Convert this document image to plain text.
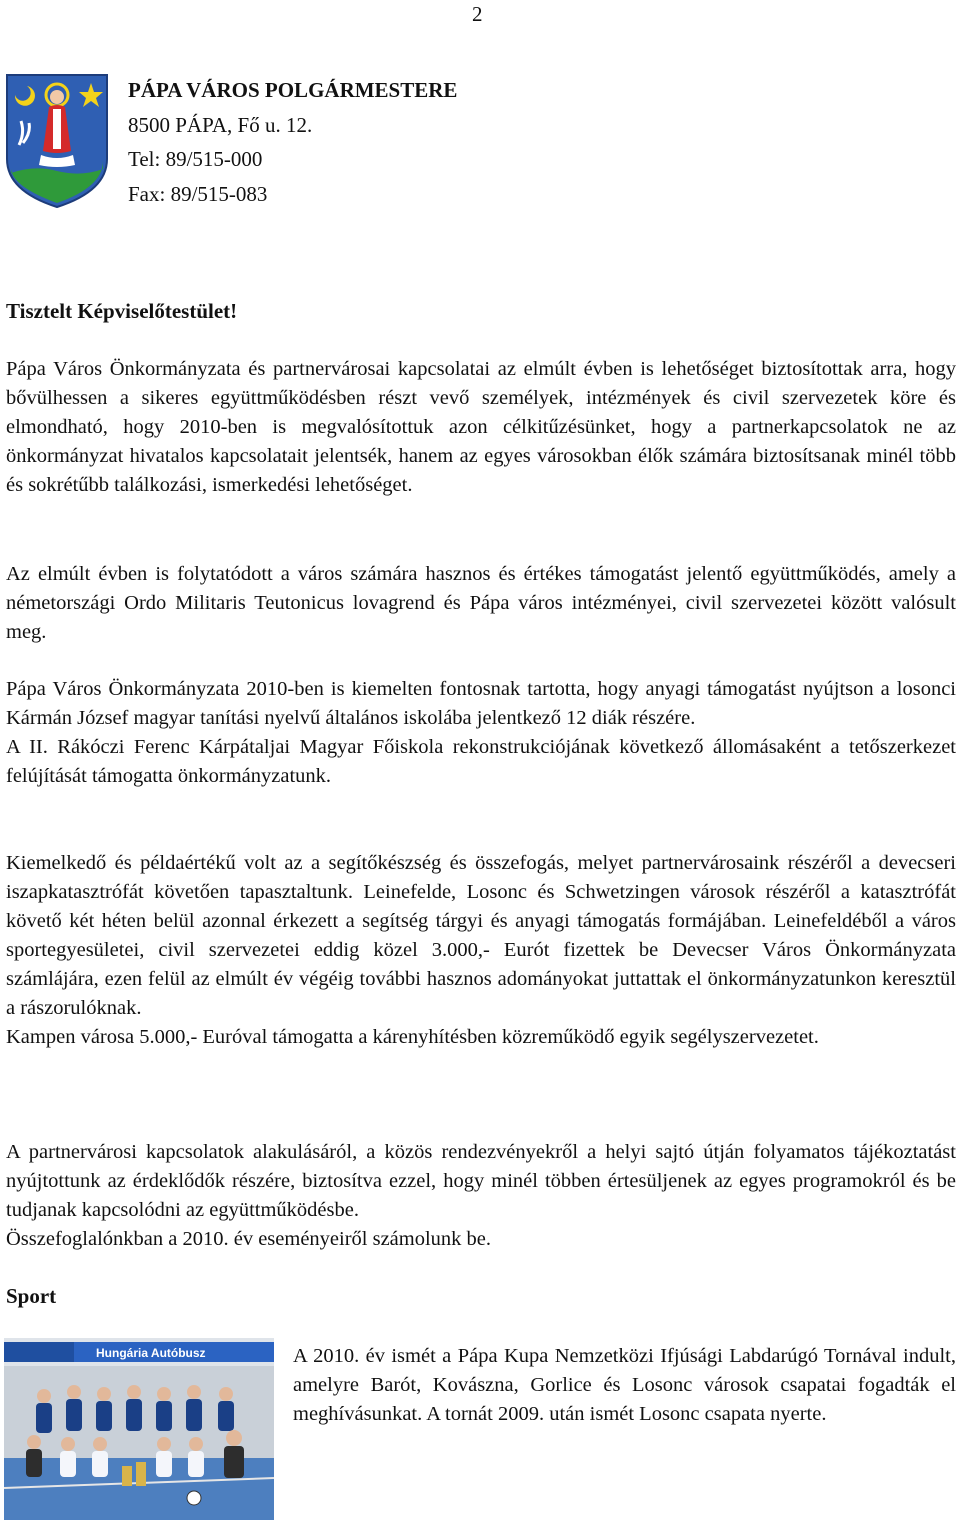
2
PÁPA VÁROS POLGÁRMESTERE
8500 PÁPA, Fő u. 12.
Tel: 89/515-000
Fax: 89/515-083
Tisztelt Képviselőtestület!

Pápa Város Önkormányzata és partnervárosai kapcsolatai az elmúlt évben is lehetőséget biztosítottak arra, hogy bővülhessen a sikeres együttműködésben részt vevő személyek, intézmények és civil szervezetek köre és elmondható, hogy 2010-ben is megvalósítottuk azon célkitűzésünket, hogy a partnerkapcsolatok ne az önkormányzat hivatalos kapcsolatait jelentsék, hanem az egyes városokban élők számára biztosítsanak minél több és sokrétűbb találkozási, ismerkedési lehetőséget.

Az elmúlt évben is folytatódott a város számára hasznos és értékes támogatást jelentő együttműködés, amely a németországi Ordo Militaris Teutonicus lovagrend és Pápa város intézményei, civil szervezetei között valósult meg.

Pápa Város Önkormányzata 2010-ben is kiemelten fontosnak tartotta, hogy anyagi támogatást nyújtson a losonci Kármán József magyar tanítási nyelvű általános iskolába jelentkező 12 diák részére.

A II. Rákóczi Ferenc Kárpátaljai Magyar Főiskola rekonstrukciójának következő állomásaként a tetőszerkezet felújítását támogatta önkormányzatunk.

Kiemelkedő és példaértékű volt az a segítőkészség és összefogás, melyet partnervárosaink részéről a devecseri iszapkatasztrófát követően tapasztaltunk. Leinefelde, Losonc és Schwetzingen városok részéről a katasztrófát követő két héten belül azonnal érkezett a segítség tárgyi és anyagi támogatás formájában. Leinefeldéből a város sportegyesületei, civil szervezetei eddig közel 3.000,- Eurót fizettek be Devecser Város Önkormányzata számlájára, ezen felül az elmúlt év végéig további hasznos adományokat juttattak el önkormányzatunkon keresztül a rászorulóknak.

Kampen városa 5.000,- Euróval támogatta a kárenyhítésben közreműködő egyik segélyszervezetet.

A partnervárosi kapcsolatok alakulásáról, a közös rendezvényekről a helyi sajtó útján folyamatos tájékoztatást nyújtottunk az érdeklődők részére, biztosítva ezzel, hogy minél többen értesüljenek az egyes programokról és be tudjanak kapcsolódni az együttműködésbe.

Összefoglalónkban a 2010. év eseményeiről számolunk be.

Sport
Hungária Autóbusz	A 2010. év ismét a Pápa Kupa Nemzetközi Ifjúsági Labdarúgó Tornával indult, amelyre Barót, Kovászna, Gorlice és Losonc városok csapatai fogadták el meghívásunkat. A tornát 2009. után ismét Losonc csapata nyerte.
